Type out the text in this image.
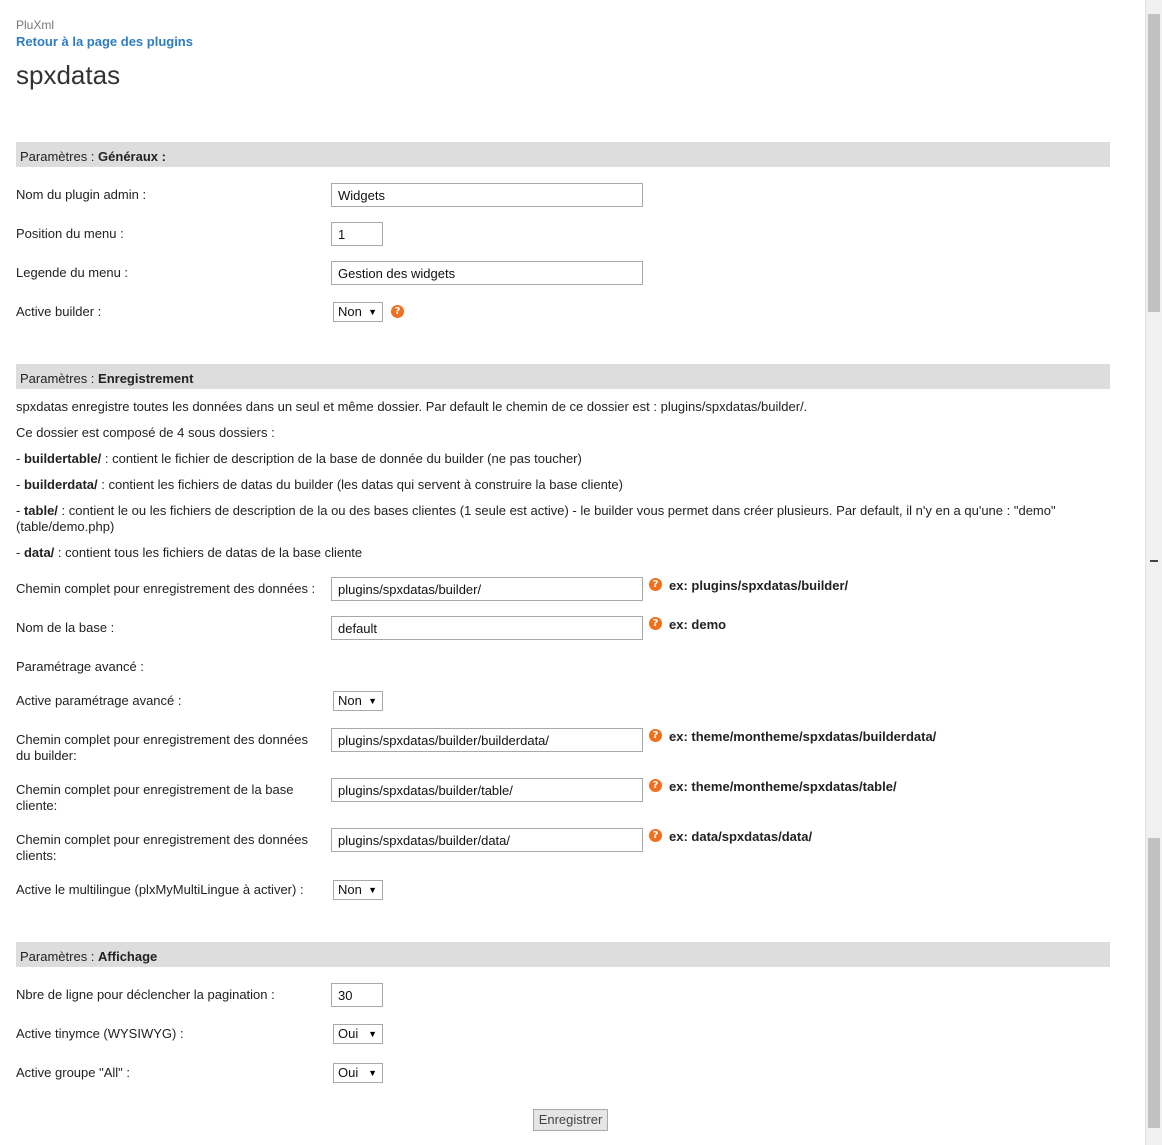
PluXml
Retour à la page des plugins
spxdatas
Paramètres : Généraux :
Nom du plugin admin :
Widgets
Position du menu :
1
Legende du menu :
Gestion des widgets
Active builder :	Non ▼	?
Paramètres : Enregistrement
spxdatas enregistre toutes les données dans un seul et même dossier. Par default le chemin de ce dossier est : plugins/spxdatas/builder/.
Ce dossier est composé de 4 sous dossiers :
- buildertable/ : contient le fichier de description de la base de donnée du builder (ne pas toucher)
- builderdata/ : contient les fichiers de datas du builder (les datas qui servent à construire la base cliente)
- table/ : contient le ou les fichiers de description de la ou des bases clientes (1 seule est active) - le builder vous permet dans créer plusieurs. Par default, il n'y en a qu'une : "demo" (table/demo.php)
- data/ : contient tous les fichiers de datas de la base cliente
Chemin complet pour enregistrement des données :
plugins/spxdatas/builder/	? ex: plugins/spxdatas/builder/
Nom de la base :
default	? ex: demo
Paramétrage avancé :
Active paramétrage avancé :	Non ▼
Chemin complet pour enregistrement des données du builder:
plugins/spxdatas/builder/builderdata/
? ex: theme/montheme/spxdatas/builderdata/
Chemin complet pour enregistrement de la base cliente:
plugins/spxdatas/builder/table/
? ex: theme/montheme/spxdatas/table/
Chemin complet pour enregistrement des données clients:
plugins/spxdatas/builder/data/
? ex: data/spxdatas/data/
Active le multilingue (plxMyMultiLingue à activer) :	Non ▼
Paramètres : Affichage
Nbre de ligne pour déclencher la pagination :
30
Active tinymce (WYSIWYG) :	Oui ▼
Active groupe "All" :	Oui ▼
Enregistrer
